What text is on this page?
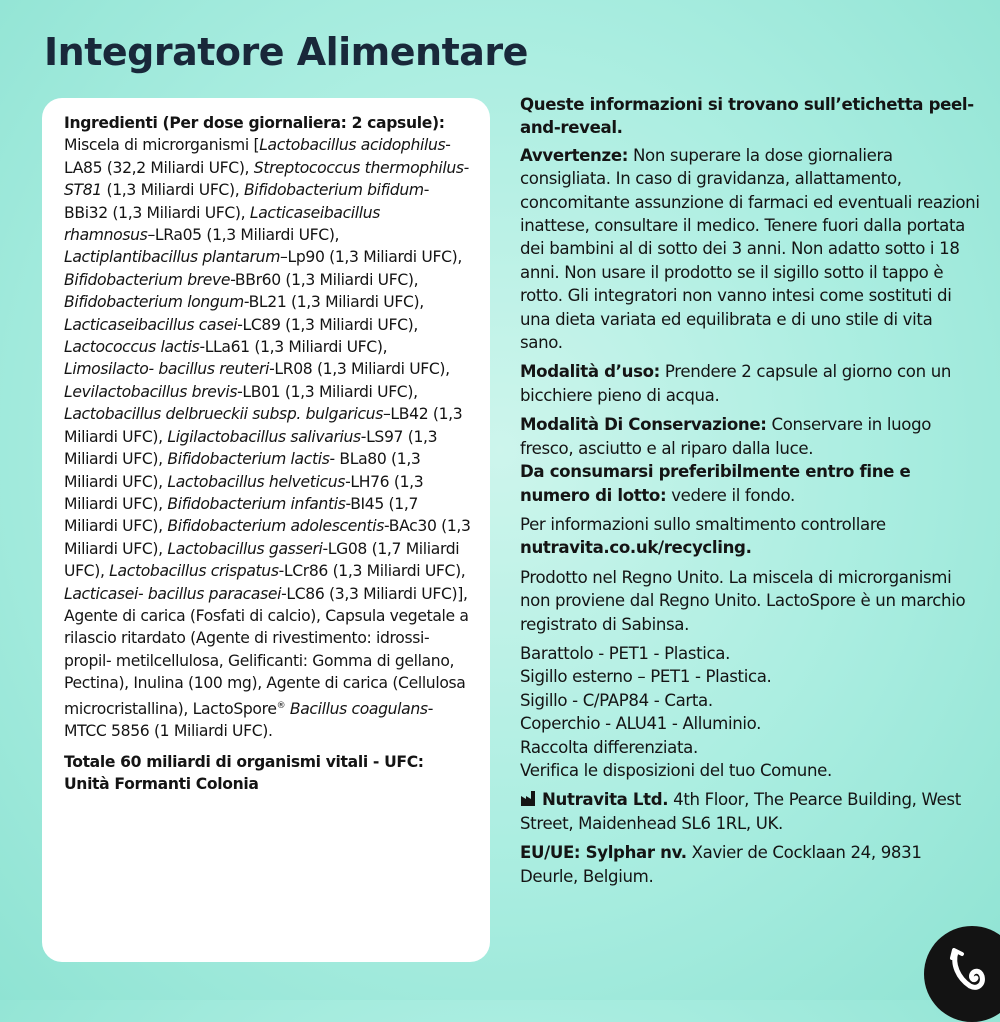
Integratore Alimentare

Ingredienti (Per dose giornaliera: 2 capsule): Miscela di microrganismi [Lactobacillus acidophilus-LA85 (32,2 Miliardi UFC), Streptococcus thermophilus-ST81 (1,3 Miliardi UFC), Bifidobacterium bifidum-BBi32 (1,3 Miliardi UFC), Lacticaseibacillus rhamnosus–LRa05 (1,3 Miliardi UFC), Lactiplantibacillus plantarum–Lp90 (1,3 Miliardi UFC), Bifidobacterium breve-BBr60 (1,3 Miliardi UFC), Bifidobacterium longum-BL21 (1,3 Miliardi UFC), Lacticaseibacillus casei-LC89 (1,3 Miliardi UFC), Lactococcus lactis-LLa61 (1,3 Miliardi UFC), Limosilacto- bacillus reuteri-LR08 (1,3 Miliardi UFC), Levilactobacillus brevis-LB01 (1,3 Miliardi UFC), Lactobacillus delbrueckii subsp. bulgaricus–LB42 (1,3 Miliardi UFC), Ligilactobacillus salivarius-LS97 (1,3 Miliardi UFC), Bifidobacterium lactis- BLa80 (1,3 Miliardi UFC), Lactobacillus helveticus-LH76 (1,3 Miliardi UFC), Bifidobacterium infantis-BI45 (1,7 Miliardi UFC), Bifidobacterium adolescentis-BAc30 (1,3 Miliardi UFC), Lactobacillus gasseri-LG08 (1,7 Miliardi UFC), Lactobacillus crispatus-LCr86 (1,3 Miliardi UFC), Lacticasei- bacillus paracasei-LC86 (3,3 Miliardi UFC)], Agente di carica (Fosfati di calcio), Capsula vegetale a rilascio ritardato (Agente di rivestimento: idrossi-propil- metilcellulosa, Gelificanti: Gomma di gellano, Pectina), Inulina (100 mg), Agente di carica (Cellulosa microcristallina), LactoSpore® Bacillus coagulans-MTCC 5856 (1 Miliardi UFC).

Totale 60 miliardi di organismi vitali - UFC: Unità Formanti Colonia

Queste informazioni si trovano sull’etichetta peel-and-reveal.

Avvertenze: Non superare la dose giornaliera consigliata. In caso di gravidanza, allattamento, concomitante assunzione di farmaci ed eventuali reazioni inattese, consultare il medico. Tenere fuori dalla portata dei bambini al di sotto dei 3 anni. Non adatto sotto i 18 anni. Non usare il prodotto se il sigillo sotto il tappo è rotto. Gli integratori non vanno intesi come sostituti di una dieta variata ed equilibrata e di uno stile di vita sano.

Modalità d’uso: Prendere 2 capsule al giorno con un bicchiere pieno di acqua.

Modalità Di Conservazione: Conservare in luogo fresco, asciutto e al riparo dalla luce.

Da consumarsi preferibilmente entro fine e numero di lotto: vedere il fondo.

Per informazioni sullo smaltimento controllare nutravita.co.uk/recycling.

Prodotto nel Regno Unito. La miscela di microrganismi non proviene dal Regno Unito. LactoSpore è un marchio registrato di Sabinsa.

Barattolo - PET1 - Plastica.
Sigillo esterno – PET1 - Plastica.
Sigillo - C/PAP84 - Carta.
Coperchio - ALU41 - Alluminio.
Raccolta differenziata.
Verifica le disposizioni del tuo Comune.

Nutravita Ltd. 4th Floor, The Pearce Building, West Street, Maidenhead SL6 1RL, UK.

EU/UE: Sylphar nv. Xavier de Cocklaan 24, 9831 Deurle, Belgium.
